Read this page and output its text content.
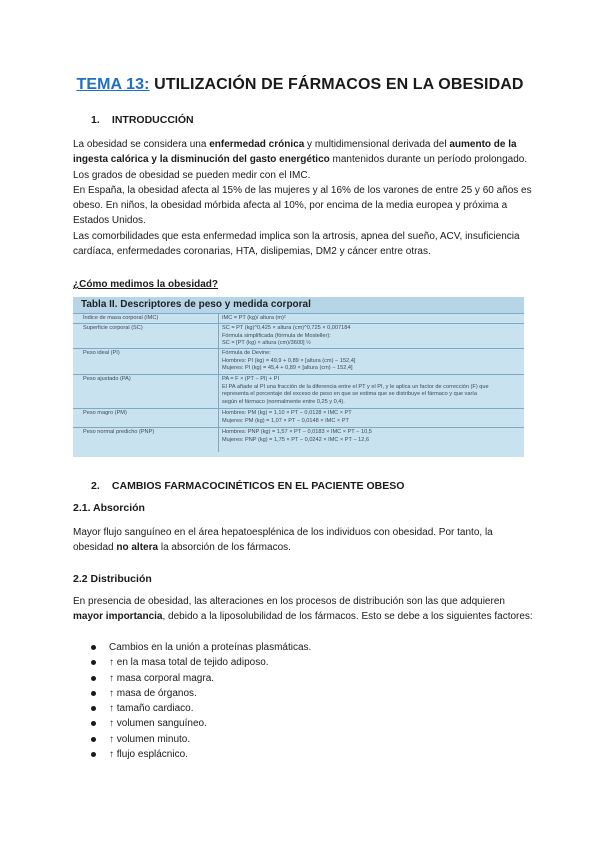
TEMA 13: UTILIZACIÓN DE FÁRMACOS EN LA OBESIDAD
1. INTRODUCCIÓN

La obesidad se considera una enfermedad crónica y multidimensional derivada del aumento de la ingesta calórica y la disminución del gasto energético mantenidos durante un período prolongado.

Los grados de obesidad se pueden medir con el IMC.

En España, la obesidad afecta al 15% de las mujeres y al 16% de los varones de entre 25 y 60 años es obeso. En niños, la obesidad mórbida afecta al 10%, por encima de la media europea y próxima a Estados Unidos.

Las comorbilidades que esta enfermedad implica son la artrosis, apnea del sueño, ACV, insuficiencia cardíaca, enfermedades coronarias, HTA, dislipemias, DM2 y cáncer entre otras.

¿Cómo medimos la obesidad?
Tabla II. Descriptores de peso y medida corporal
Índice de masa corporal (IMC)	IMC = PT (kg)/ altura (m)²
Superficie corporal (SC)	SC = PT (kg)^0,425 × altura (cm)^0,725 × 0,007184
Fórmula simplificada (fórmula de Mosteller):
SC = [PT (kg) × altura (cm)/3600] ½
Peso ideal (PI)	Fórmula de Devine:
Hombres: PI (kg) = 49,9 + 0,89 × [altura (cm) − 152,4]
Mujeres: PI (kg) = 45,4 + 0,89 × [altura (cm) − 152,4]
Peso ajustado (PA)	PA = F × (PT − PI) + PI
El PA añade al PI una fracción de la diferencia entre el PT y el PI, y le aplica un factor de corrección (F) que
representa el porcentaje del exceso de peso en que se estima que se distribuye el fármaco y que varía
según el fármaco (normalmente entre 0,25 y 0,4).
Peso magro (PM)	Hombres: PM (kg) = 1,10 × PT − 0,0128 × IMC × PT
Mujeres: PM (kg) = 1,07 × PT − 0,0148 × IMC × PT
Peso normal predicho (PNP)	Hombres: PNP (kg) = 1,57 × PT − 0,0183 × IMC × PT − 10,5
Mujeres: PNP (kg) = 1,75 × PT − 0,0242 × IMC × PT − 12,6
2. CAMBIOS FARMACOCINÉTICOS EN EL PACIENTE OBESO
2.1. Absorción
Mayor flujo sanguíneo en el área hepatoesplénica de los individuos con obesidad. Por tanto, la obesidad no altera la absorción de los fármacos.
2.2 Distribución
En presencia de obesidad, las alteraciones en los procesos de distribución son las que adquieren mayor importancia, debido a la liposolubilidad de los fármacos. Esto se debe a los siguientes factores:
Cambios en la unión a proteínas plasmáticas.
↑ en la masa total de tejido adiposo.
↑ masa corporal magra.
↑ masa de órganos.
↑ tamaño cardiaco.
↑ volumen sanguíneo.
↑ volumen minuto.
↑ flujo esplácnico.
